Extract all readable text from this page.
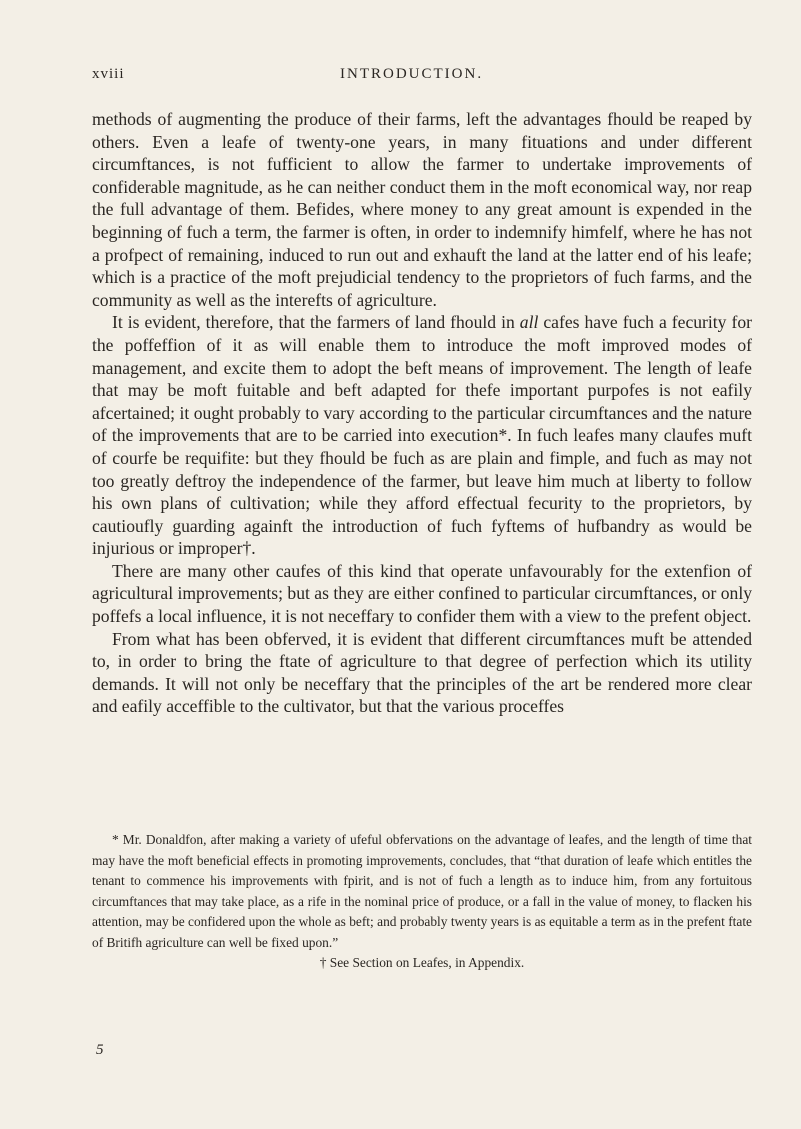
xviii	INTRODUCTION.

methods of augmenting the produce of their farms, left the advantages fhould be reaped by others. Even a leafe of twenty-one years, in many fituations and under different circumftances, is not fufficient to allow the farmer to undertake improvements of confiderable magnitude, as he can neither conduct them in the moft economical way, nor reap the full advantage of them. Befides, where money to any great amount is expended in the beginning of fuch a term, the farmer is often, in order to indemnify himfelf, where he has not a profpect of remaining, induced to run out and exhauft the land at the latter end of his leafe; which is a practice of the moft prejudicial tendency to the proprietors of fuch farms, and the community as well as the interefts of agriculture.

It is evident, therefore, that the farmers of land fhould in all cafes have fuch a fecurity for the poffeffion of it as will enable them to introduce the moft improved modes of management, and excite them to adopt the beft means of improvement. The length of leafe that may be moft fuitable and beft adapted for thefe important purpofes is not eafily afcertained; it ought probably to vary according to the particular circumftances and the nature of the improvements that are to be carried into execution*. In fuch leafes many claufes muft of courfe be requifite: but they fhould be fuch as are plain and fimple, and fuch as may not too greatly deftroy the independence of the farmer, but leave him much at liberty to follow his own plans of cultivation; while they afford effectual fecurity to the proprietors, by cautioufly guarding againft the introduction of fuch fyftems of hufbandry as would be injurious or improper†.

There are many other caufes of this kind that operate unfavourably for the extenfion of agricultural improvements; but as they are either confined to particular circumftances, or only poffefs a local influence, it is not neceffary to confider them with a view to the prefent object.

From what has been obferved, it is evident that different circumftances muft be attended to, in order to bring the ftate of agriculture to that degree of perfection which its utility demands. It will not only be neceffary that the principles of the art be rendered more clear and eafily acceffible to the cultivator, but that the various proceffes

* Mr. Donaldfon, after making a variety of ufeful obfervations on the advantage of leafes, and the length of time that may have the moft beneficial effects in promoting improvements, concludes, that “that duration of leafe which entitles the tenant to commence his improvements with fpirit, and is not of fuch a length as to induce him, from any fortuitous circumftances that may take place, as a rife in the nominal price of produce, or a fall in the value of money, to flacken his attention, may be confidered upon the whole as beft; and probably twenty years is as equitable a term as in the prefent ftate of Britifh agriculture can well be fixed upon.”

† See Section on Leafes, in Appendix.

5
